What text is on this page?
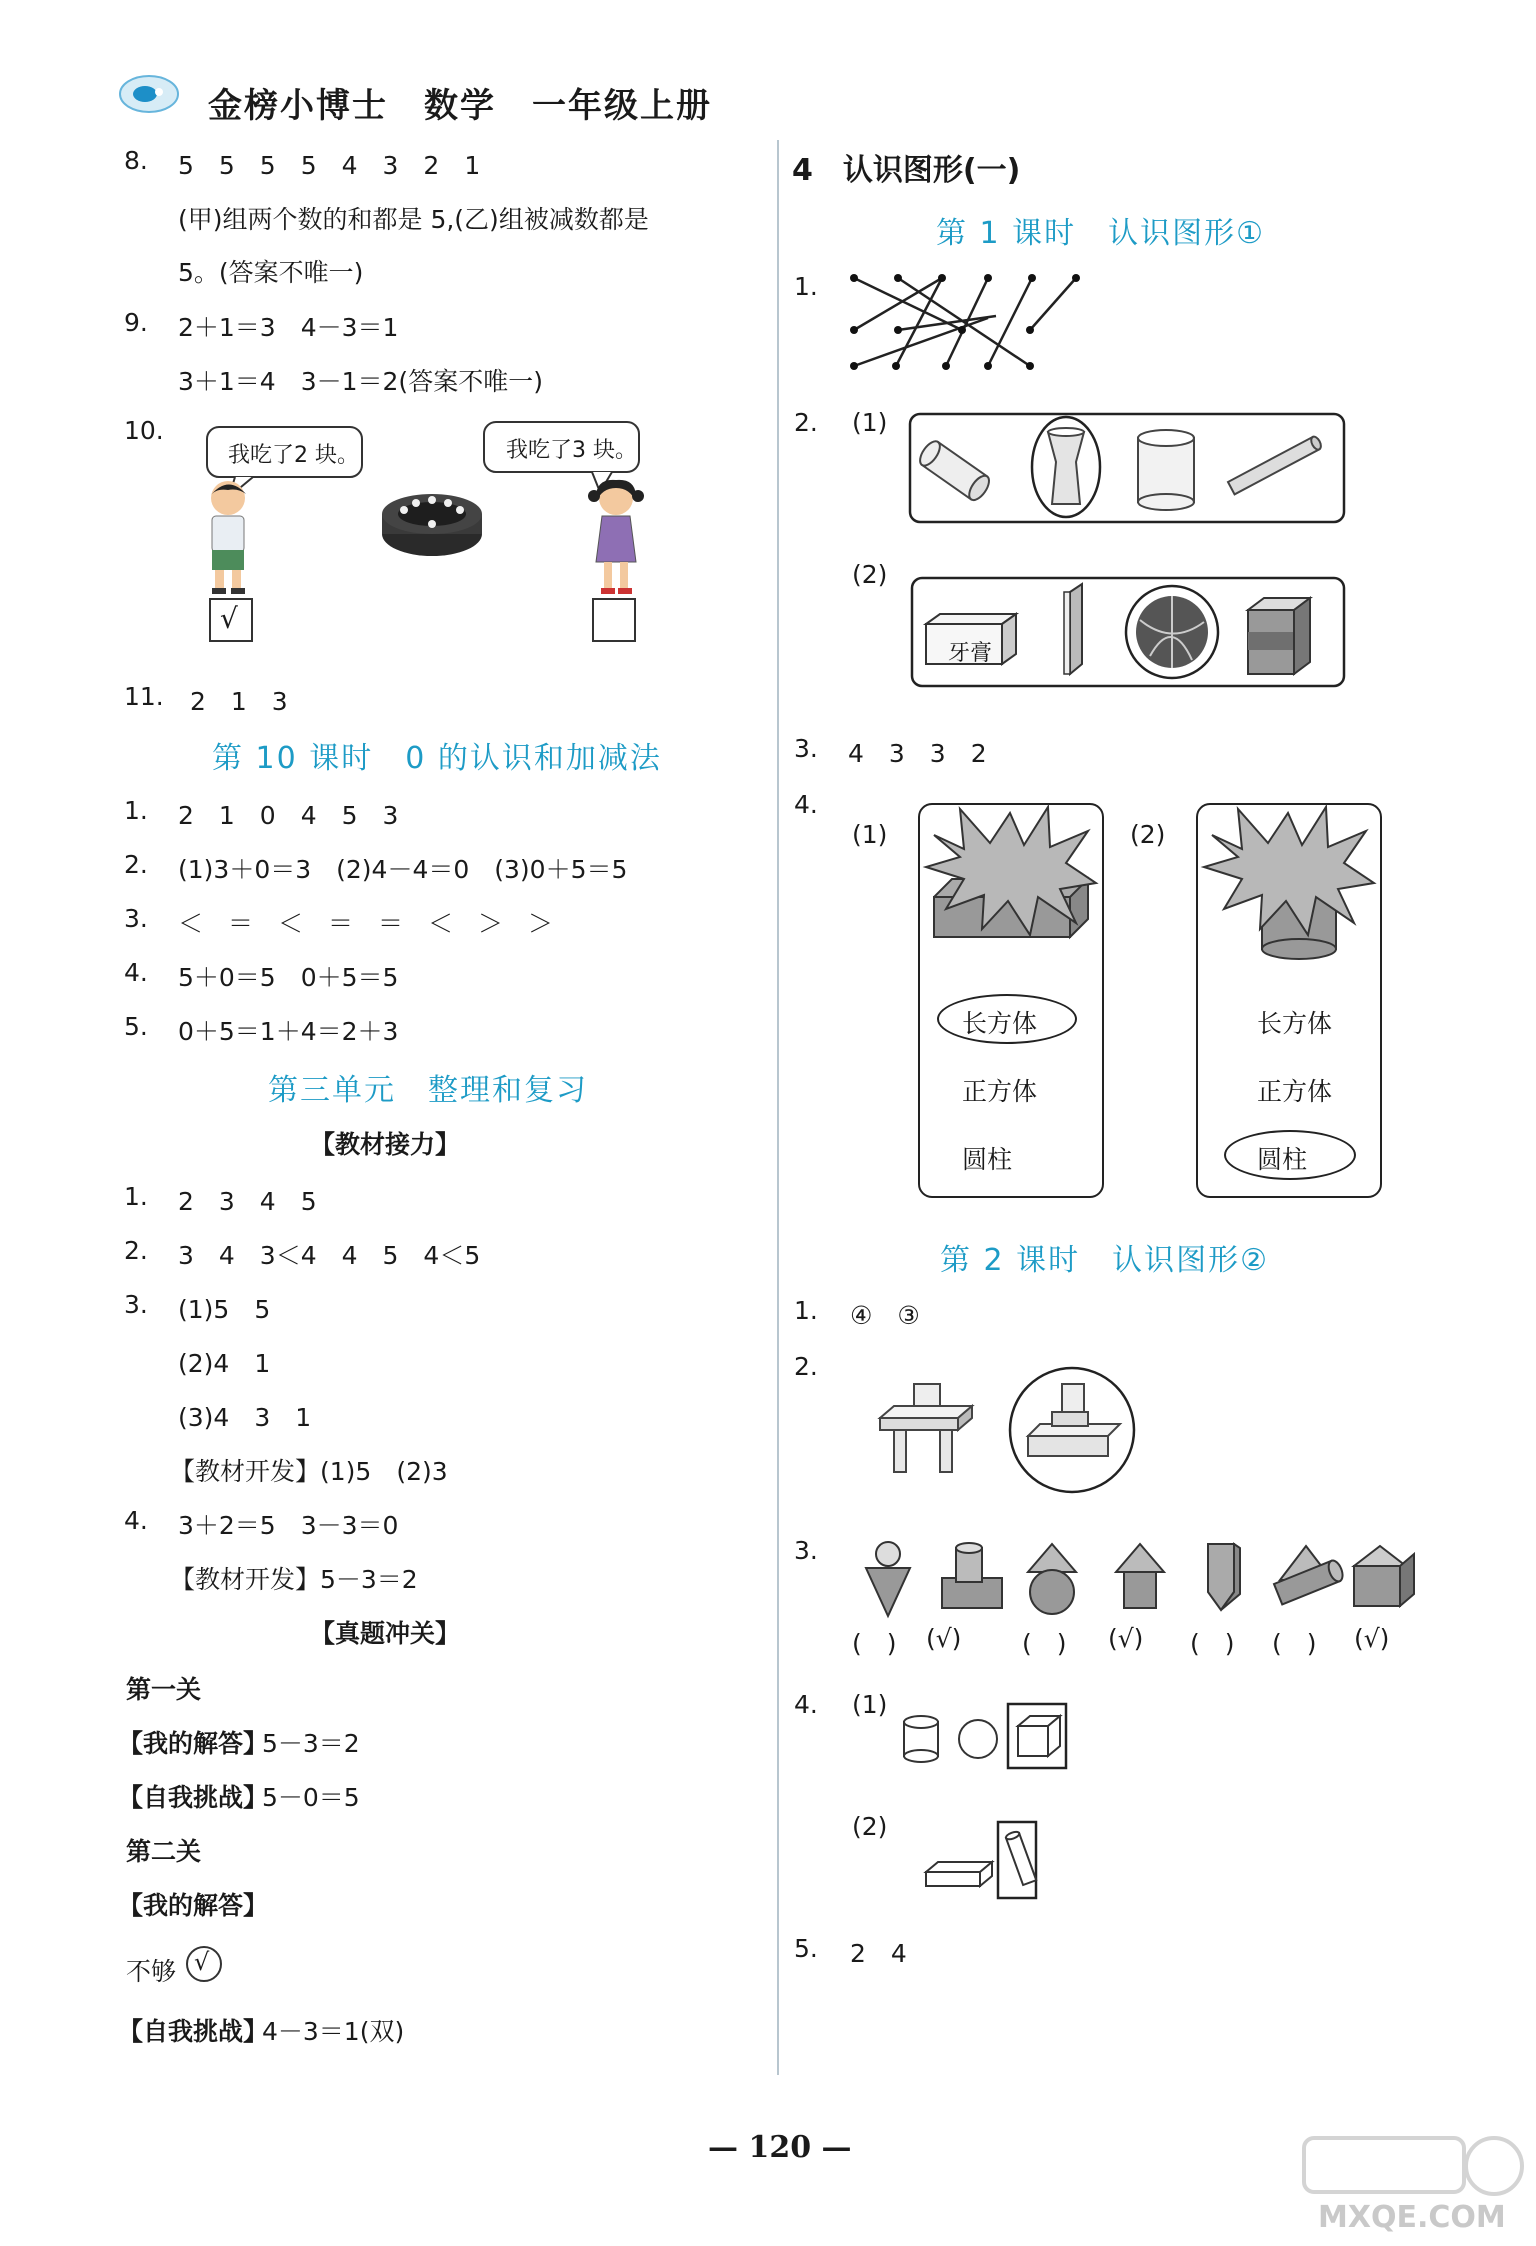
金榜小博士　数学　一年级上册
8. 5　5　5　5　4　3　2　1
(甲)组两个数的和都是 5,(乙)组被减数都是
5。(答案不唯一)
9. 2＋1＝3　4－3＝1
3＋1＝4　3－1＝2(答案不唯一)
10.
我吃了2 块。	我吃了3 块。
√
11. 2　1　3
第 10 课时　0 的认识和加减法
1. 2　1　0　4　5　3
2. (1)3＋0＝3　(2)4－4＝0　(3)0＋5＝5
3. ＜　＝　＜　＝　＝　＜　＞　＞
4. 5＋0＝5　0＋5＝5
5. 0＋5＝1＋4＝2＋3
第三单元　整理和复习
【教材接力】
1. 2　3　4　5
2. 3　4　3＜4　4　5　4＜5
3. (1)5　5
(2)4　1
(3)4　3　1
【教材开发】(1)5　(2)3
4. 3＋2＝5　3－3＝0
【教材开发】5－3＝2
【真题冲关】
第一关
【我的解答】
5－3＝2
【自我挑战】
5－0＝5
第二关
【我的解答】
不够 √
【自我挑战】
4－3＝1(双)
4　认识图形(一)
第 1 课时　认识图形①
1.
2. (1)
(2)
牙膏
3. 4　3　3　2
4.
(1)	(2)
长方体
正方体
圆柱
长方体
正方体
圆柱
第 2 课时　认识图形②
1. ④　③
2.
3.
(　) (√) (　) (√) (　) (　) (√)
4. (1)
(2)
5. 2　4
— 120 —
MXQE.COM
